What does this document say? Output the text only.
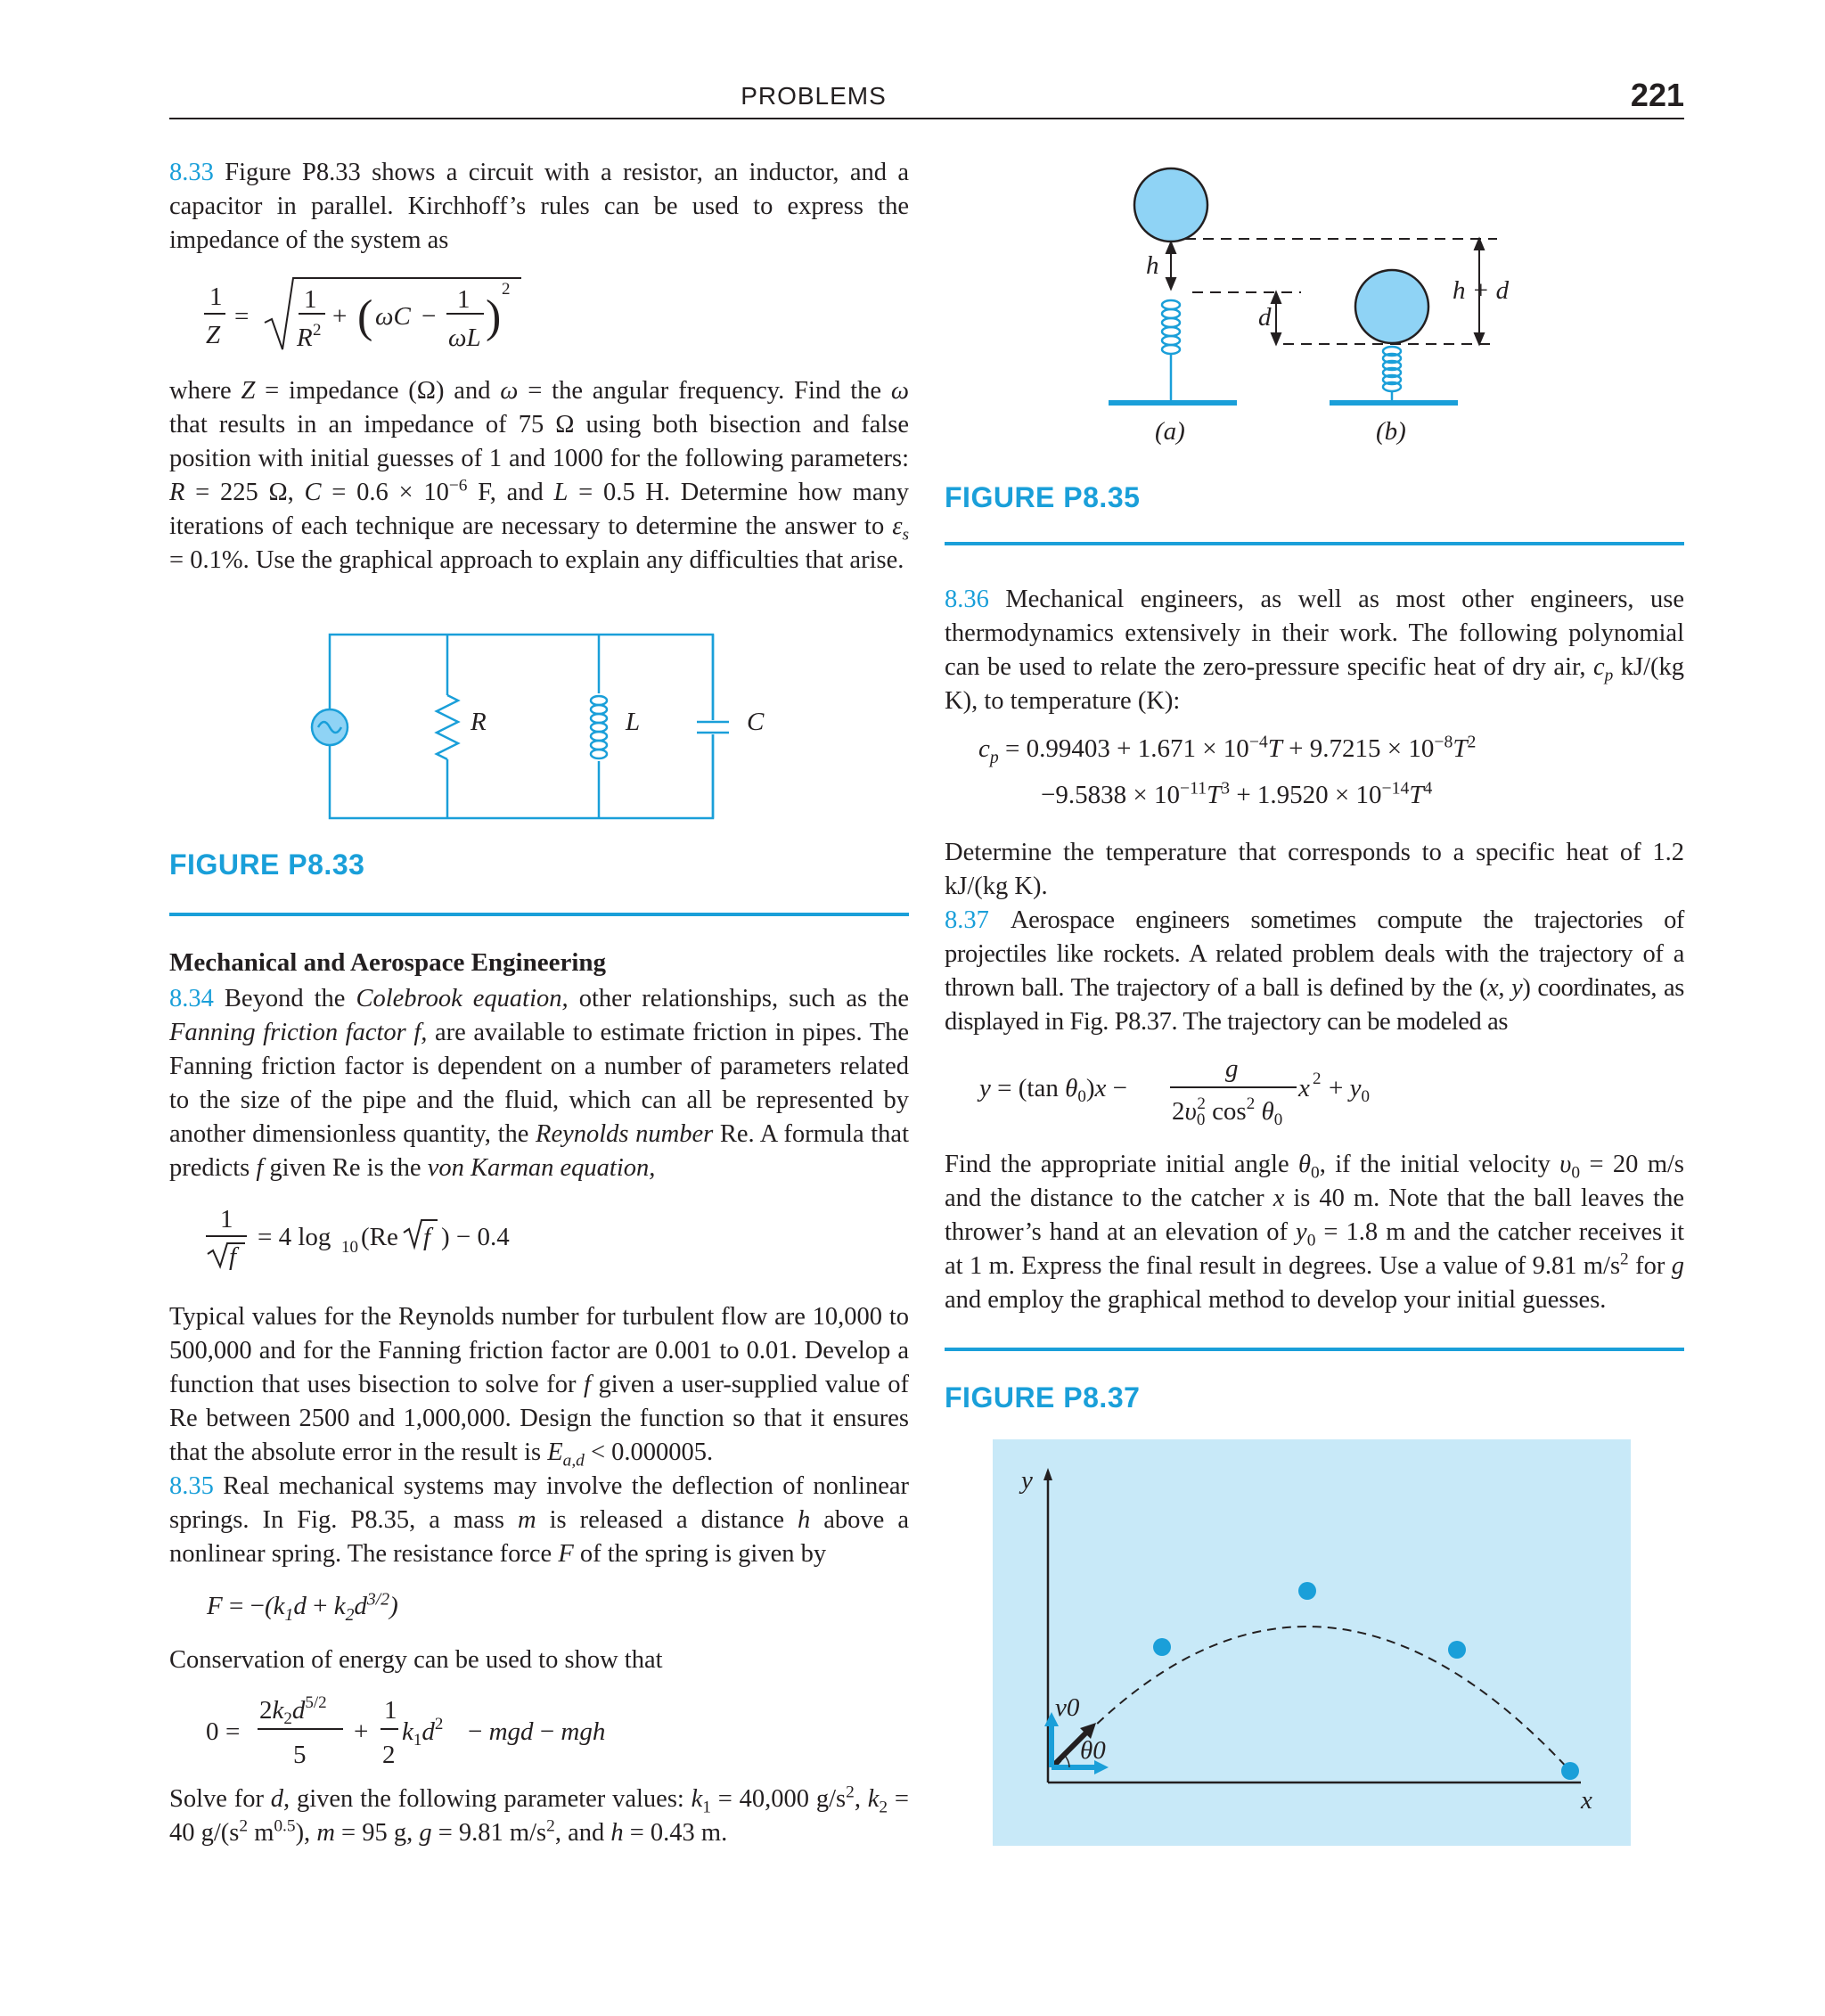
PROBLEMS	221

8.33 Figure P8.33 shows a circuit with a resistor, an inductor, and a capacitor in parallel. Kirchhoff’s rules can be used to express the impedance of the system as

1
Z
=
1
R 2 + ( ωC −
1
ωL )
2

where Z = impedance (Ω) and ω = the angular frequency. Find the ω that results in an impedance of 75 Ω using both bisection and false position with initial guesses of 1 and 1000 for the following parameters: R = 225 Ω, $C = 0.6 \times 10^{-6}$ F, and L = 0.5 H. Determine how many iterations of each technique are necessary to determine the answer to $\varepsilon_s = 0.1\%$. Use the graphical approach to explain any difficulties that arise.

R	L	C
FIGURE P8.33
Mechanical and Aerospace Engineering

8.34 Beyond the Colebrook equation, other relationships, such as the Fanning friction factor f, are available to estimate friction in pipes. The Fanning friction factor is dependent on a number of parameters related to the size of the pipe and the fluid, which can all be represented by another dimensionless quantity, the Reynolds number Re. A formula that predicts f given Re is the von Karman equation,

1
f
= 4 log 10 (Re f ) − 0.4

Typical values for the Reynolds number for turbulent flow are 10,000 to 500,000 and for the Fanning friction factor are 0.001 to 0.01. Develop a function that uses bisection to solve for f given a user-supplied value of Re between 2500 and 1,000,000. Design the function so that it ensures that the absolute error in the result is $E_{a,d} < 0.000005$.
8.35 Real mechanical systems may involve the deflection of nonlinear springs. In Fig. P8.35, a mass m is released a distance h above a nonlinear spring. The resistance force F of the spring is given by

$F = -(k_1d + k_2d^{3/2})$
Conservation of energy can be used to show that
0 =
$2k_2d^{5/2}$
5
+
1
2
$k_1d^2$ − mgd − mgh

Solve for d, given the following parameter values: $k_1 = 40,000$ $g/s^2$, $k_2 = 40$ $g/(s^2$ $m^{0.5}$), m = 95 g, g = 9.81 $m/s^2$, and h = 0.43 m.

h
d
h + d
(a)	(b)
FIGURE P8.35

8.36 Mechanical engineers, as well as most other engineers, use thermodynamics extensively in their work. The following polynomial can be used to relate the zero-pressure specific heat of dry air, $c_p$ kJ/(kg K), to temperature (K):

$c_p = 0.99403 + 1.671 \times 10^{-4}T + 9.7215 \times 10^{-8}T^2$
$-9.5838 \times 10^{-11}T^3 + 1.9520 \times 10^{-14}T^4$

Determine the temperature that corresponds to a specific heat of 1.2 kJ/(kg K).
8.37 Aerospace engineers sometimes compute the trajectories of projectiles like rockets. A related problem deals with the trajectory of a thrown ball. The trajectory of a ball is defined by the (x, y) coordinates, as displayed in Fig. P8.37. The trajectory can be modeled as

y = (tan $\theta_0)x$ −
g
$2\upsilon_02$ $\cos^2 \theta_0$
x $2 + y_0$

Find the appropriate initial angle $\theta_0$, if the initial velocity $\upsilon_0 = 20$ m/s and the distance to the catcher x is 40 m. Note that the ball leaves the thrower’s hand at an elevation of $y_0 = 1.8$ m and the catcher receives it at 1 m. Express the final result in degrees. Use a value of 9.81 $m/s^2$ for g and employ the graphical method to develop your initial guesses.

FIGURE P8.37
y
x
v0
θ0
